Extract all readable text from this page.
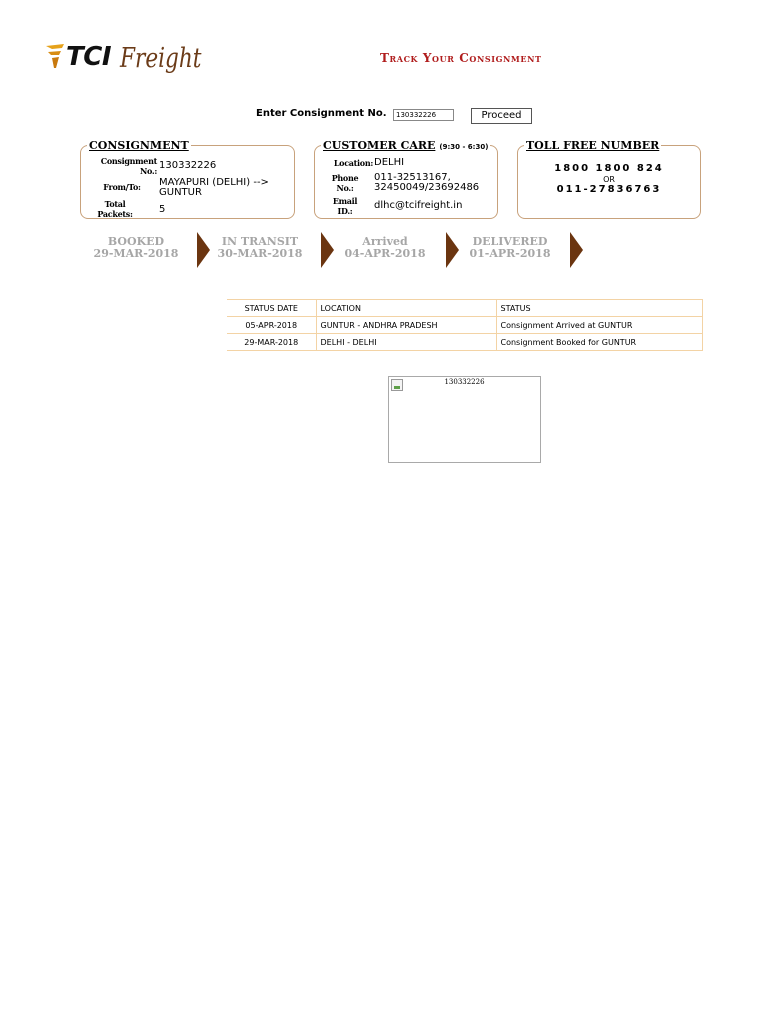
TCI Freight	Track Your Consignment
Enter Consignment No.
130332226	Proceed
CONSIGNMENT
Consignment No.: 130332226
From/To:	MAYAPURI (DELHI) --> GUNTUR
Total Packets:	5
CUSTOMER CARE (9:30 - 6:30)
Location: DELHI
Phone No.:
011-32513167, 32450049/23692486
Email ID.:	dlhc@tcifreight.in
TOLL FREE NUMBER
1800 1800 824
OR
011-27836763
BOOKED
29-MAR-2018
IN TRANSIT
30-MAR-2018
Arrived
04-APR-2018
DELIVERED
01-APR-2018
STATUS DATE	LOCATION	STATUS
05-APR-2018	GUNTUR - ANDHRA PRADESH	Consignment Arrived at GUNTUR
29-MAR-2018	DELHI - DELHI	Consignment Booked for GUNTUR
130332226
